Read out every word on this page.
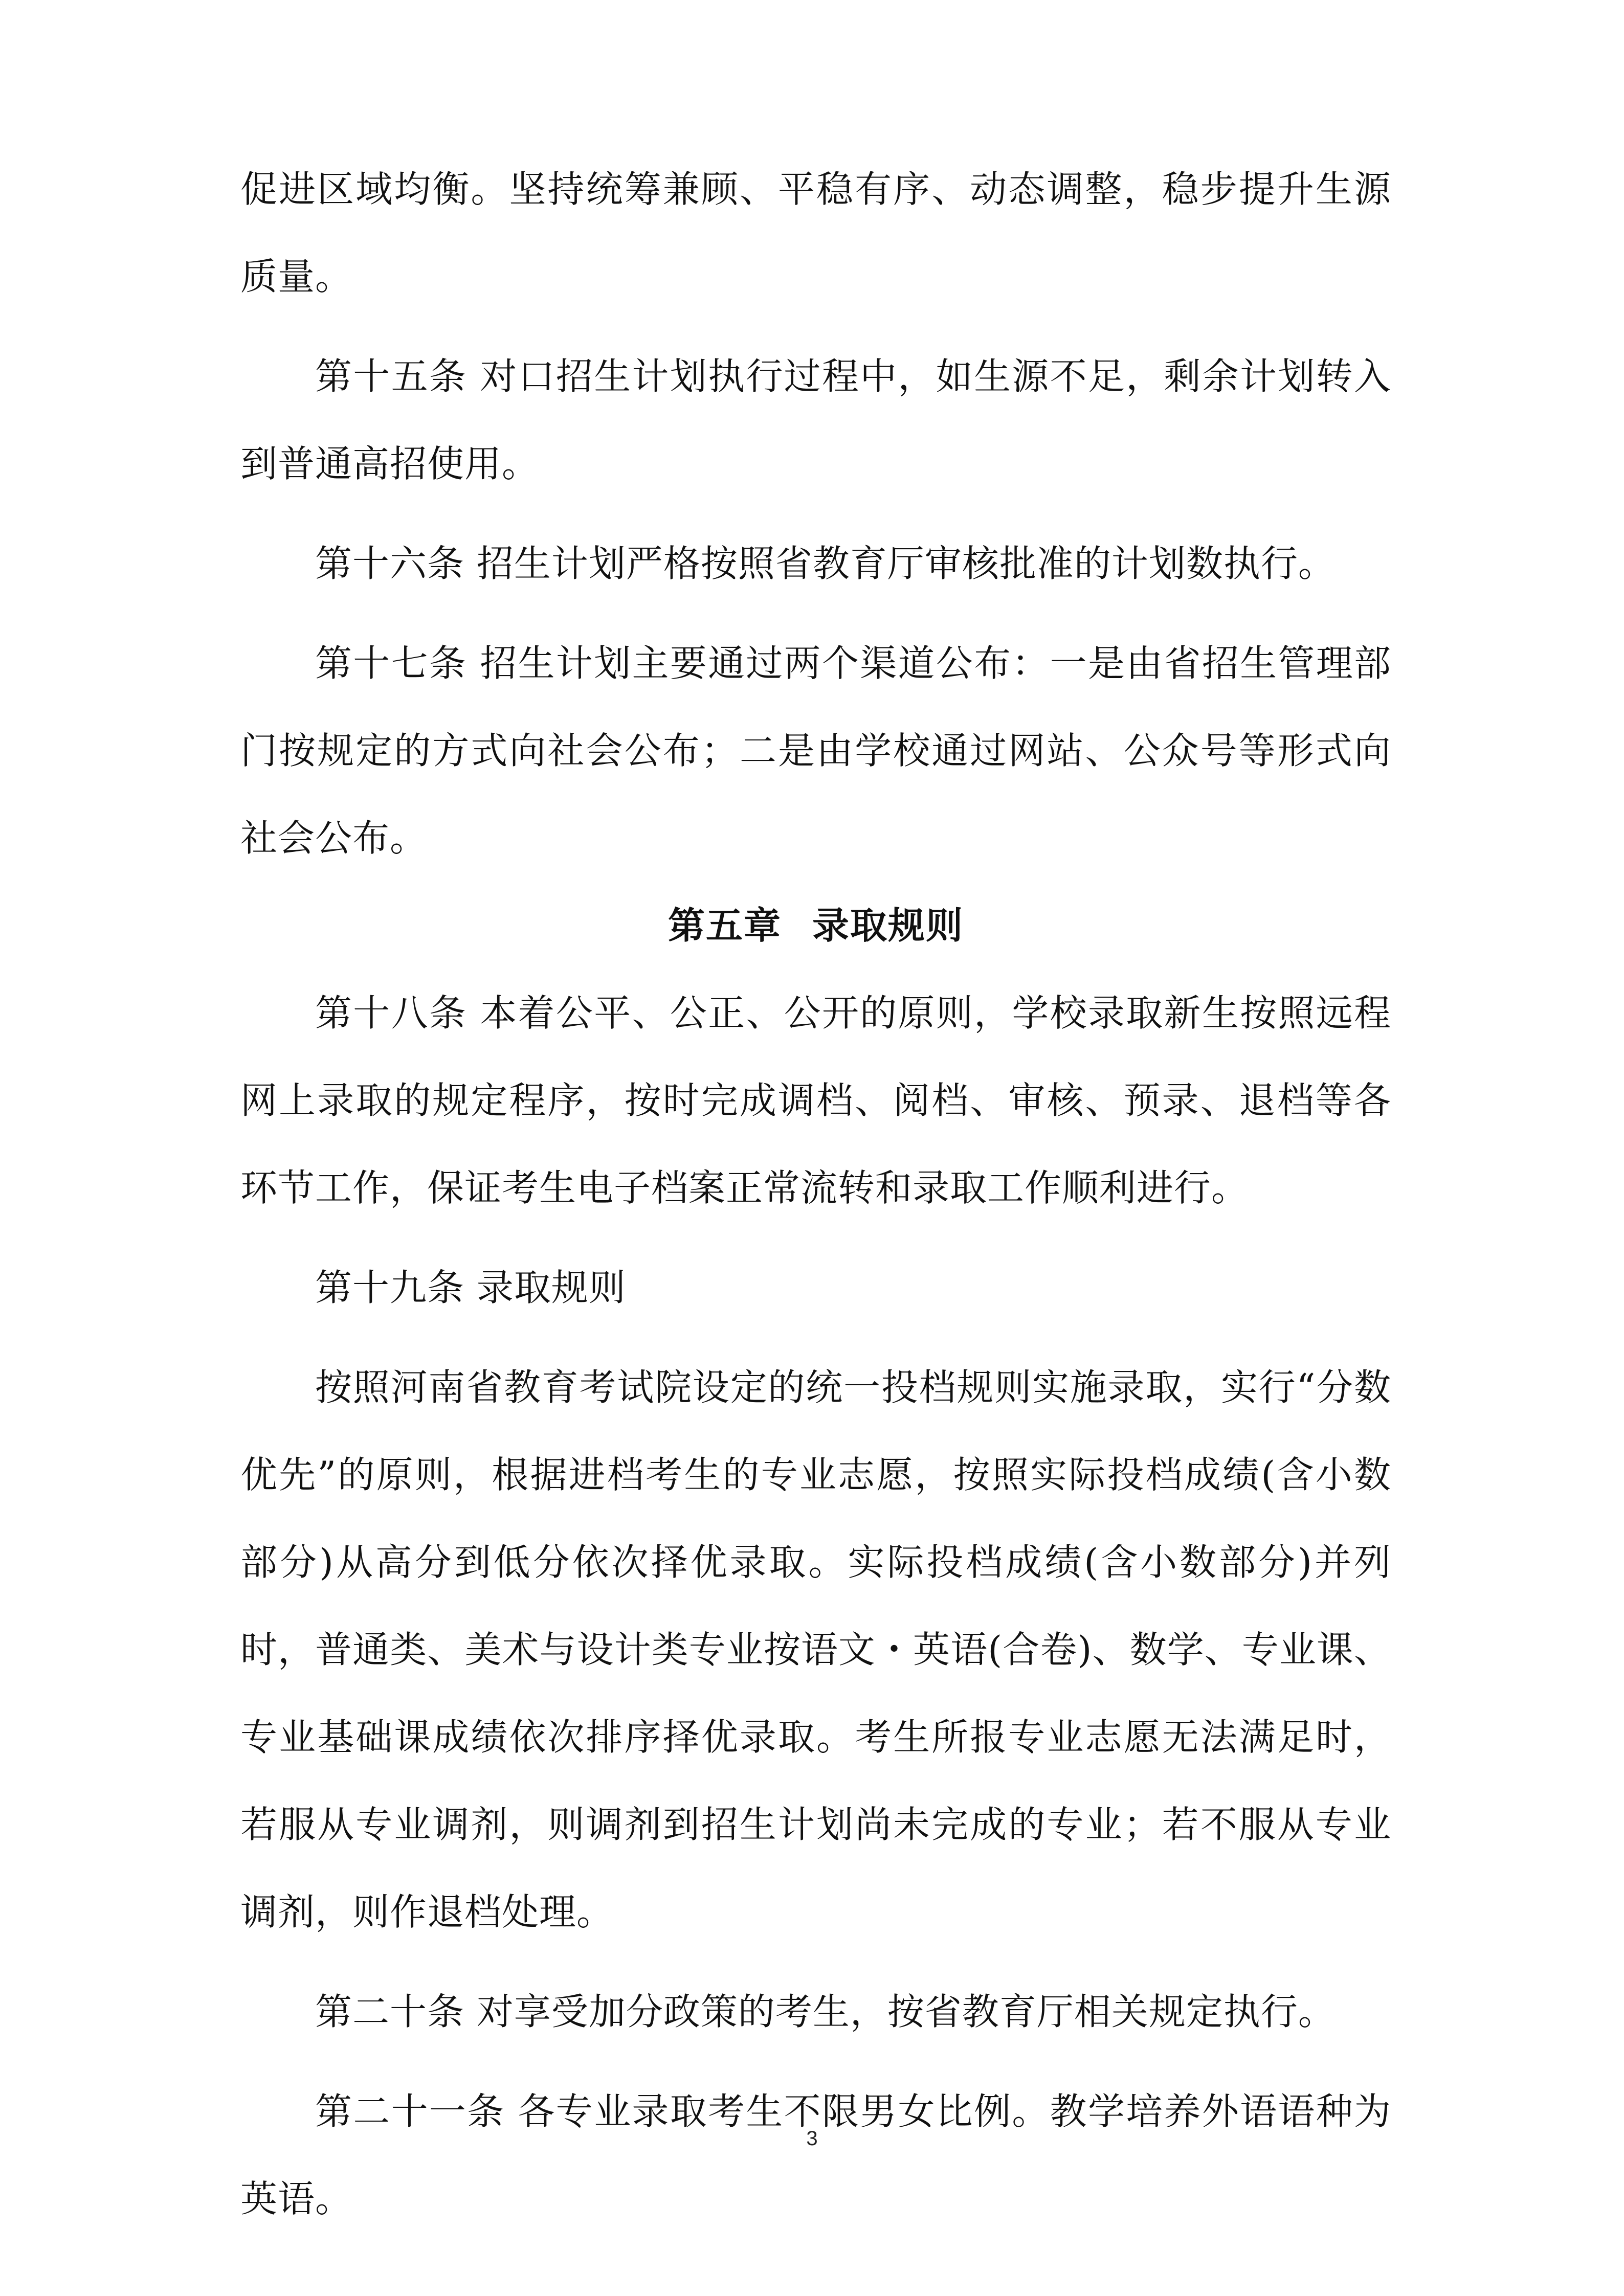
促进区域均衡。坚持统筹兼顾、平稳有序、动态调整，稳步提升生源质量。

第十五条 对口招生计划执行过程中，如生源不足，剩余计划转入到普通高招使用。

第十六条 招生计划严格按照省教育厅审核批准的计划数执行。

第十七条 招生计划主要通过两个渠道公布：一是由省招生管理部门按规定的方式向社会公布；二是由学校通过网站、公众号等形式向社会公布。

第五章 录取规则

第十八条 本着公平、公正、公开的原则，学校录取新生按照远程网上录取的规定程序，按时完成调档、阅档、审核、预录、退档等各环节工作，保证考生电子档案正常流转和录取工作顺利进行。

第十九条 录取规则

按照河南省教育考试院设定的统一投档规则实施录取，实行“分数优先”的原则，根据进档考生的专业志愿，按照实际投档成绩(含小数部分)从高分到低分依次择优录取。实际投档成绩(含小数部分)并列时，普通类、美术与设计类专业按语文・英语(合卷)、数学、专业课、专业基础课成绩依次排序择优录取。考生所报专业志愿无法满足时，若服从专业调剂，则调剂到招生计划尚未完成的专业；若不服从专业调剂，则作退档处理。

第二十条 对享受加分政策的考生，按省教育厅相关规定执行。

第二十一条 各专业录取考生不限男女比例。教学培养外语语种为英语。

3
